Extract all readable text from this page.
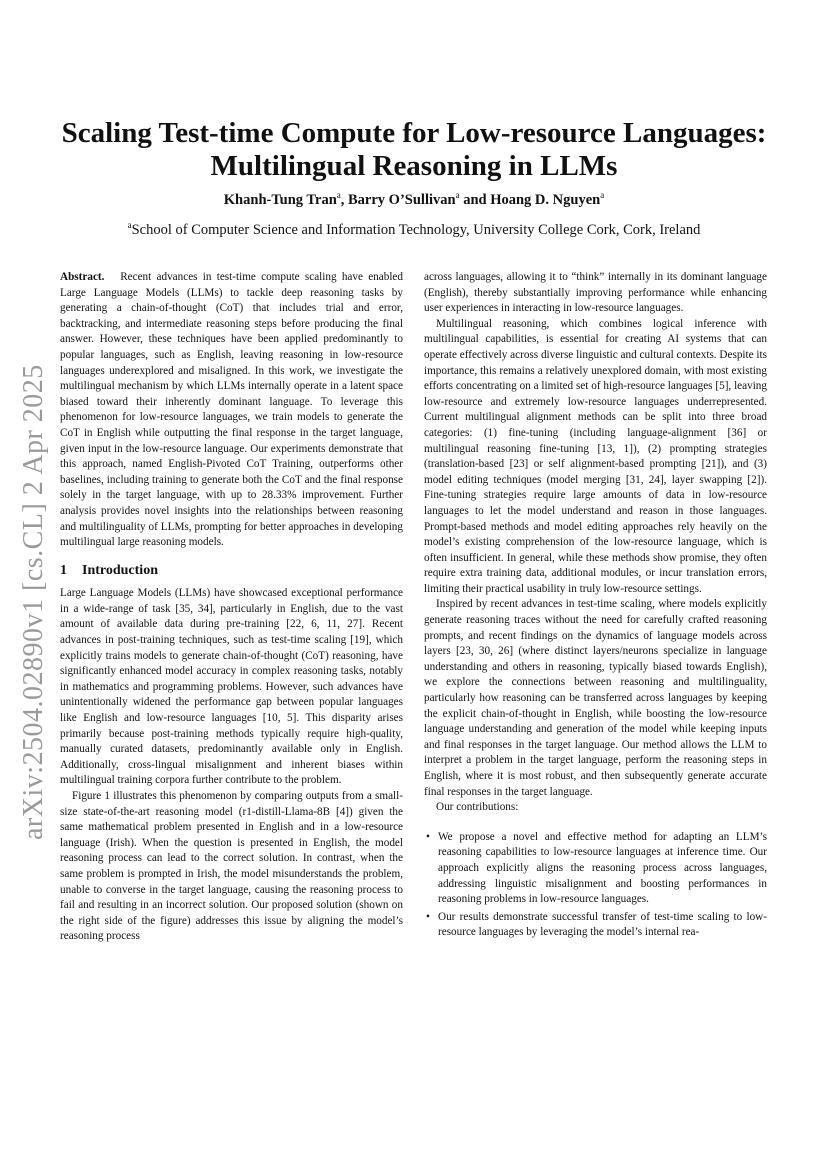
arXiv:2504.02890v1 [cs.CL] 2 Apr 2025
Scaling Test-time Compute for Low-resource Languages:
Multilingual Reasoning in LLMs
Khanh-Tung Tran$^a$, Barry O’Sullivan$^a$ and Hoang D. Nguyen$^a$
$^a$School of Computer Science and Information Technology, University College Cork, Cork, Ireland

Abstract. Recent advances in test-time compute scaling have enabled Large Language Models (LLMs) to tackle deep reasoning tasks by generating a chain-of-thought (CoT) that includes trial and error, backtracking, and intermediate reasoning steps before producing the final answer. However, these techniques have been applied predominantly to popular languages, such as English, leaving reasoning in low-resource languages underexplored and misaligned. In this work, we investigate the multilingual mechanism by which LLMs internally operate in a latent space biased toward their inherently dominant language. To leverage this phenomenon for low-resource languages, we train models to generate the CoT in English while outputting the final response in the target language, given input in the low-resource language. Our experiments demonstrate that this approach, named English-Pivoted CoT Training, outperforms other baselines, including training to generate both the CoT and the final response solely in the target language, with up to 28.33% improvement. Further analysis provides novel insights into the relationships between reasoning and multilinguality of LLMs, prompting for better approaches in developing multilingual large reasoning models.

1 Introduction

Large Language Models (LLMs) have showcased exceptional performance in a wide-range of task [35, 34], particularly in English, due to the vast amount of available data during pre-training [22, 6, 11, 27]. Recent advances in post-training techniques, such as test-time scaling [19], which explicitly trains models to generate chain-of-thought (CoT) reasoning, have significantly enhanced model accuracy in complex reasoning tasks, notably in mathematics and programming problems. However, such advances have unintentionally widened the performance gap between popular languages like English and low-resource languages [10, 5]. This disparity arises primarily because post-training methods typically require high-quality, manually curated datasets, predominantly available only in English. Additionally, cross-lingual misalignment and inherent biases within multilingual training corpora further contribute to the problem.

Figure 1 illustrates this phenomenon by comparing outputs from a small-size state-of-the-art reasoning model (r1-distill-Llama-8B [4]) given the same mathematical problem presented in English and in a low-resource language (Irish). When the question is presented in English, the model reasoning process can lead to the correct solution. In contrast, when the same problem is prompted in Irish, the model misunderstands the problem, unable to converse in the target language, causing the reasoning process to fail and resulting in an incorrect solution. Our proposed solution (shown on the right side of the figure) addresses this issue by aligning the model’s reasoning process

across languages, allowing it to “think” internally in its dominant language (English), thereby substantially improving performance while enhancing user experiences in interacting in low-resource languages.

Multilingual reasoning, which combines logical inference with multilingual capabilities, is essential for creating AI systems that can operate effectively across diverse linguistic and cultural contexts. Despite its importance, this remains a relatively unexplored domain, with most existing efforts concentrating on a limited set of high-resource languages [5], leaving low-resource and extremely low-resource languages underrepresented. Current multilingual alignment methods can be split into three broad categories: (1) fine-tuning (including language-alignment [36] or multilingual reasoning fine-tuning [13, 1]), (2) prompting strategies (translation-based [23] or self alignment-based prompting [21]), and (3) model editing techniques (model merging [31, 24], layer swapping [2]). Fine-tuning strategies require large amounts of data in low-resource languages to let the model understand and reason in those languages. Prompt-based methods and model editing approaches rely heavily on the model’s existing comprehension of the low-resource language, which is often insufficient. In general, while these methods show promise, they often require extra training data, additional modules, or incur translation errors, limiting their practical usability in truly low-resource settings.

Inspired by recent advances in test-time scaling, where models explicitly generate reasoning traces without the need for carefully crafted reasoning prompts, and recent findings on the dynamics of language models across layers [23, 30, 26] (where distinct layers/neurons specialize in language understanding and others in reasoning, typically biased towards English), we explore the connections between reasoning and multilinguality, particularly how reasoning can be transferred across languages by keeping the explicit chain-of-thought in English, while boosting the low-resource language understanding and generation of the model while keeping inputs and final responses in the target language. Our method allows the LLM to interpret a problem in the target language, perform the reasoning steps in English, where it is most robust, and then subsequently generate accurate final responses in the target language.

Our contributions:

• We propose a novel and effective method for adapting an LLM’s reasoning capabilities to low-resource languages at inference time. Our approach explicitly aligns the reasoning process across languages, addressing linguistic misalignment and boosting performances in reasoning problems in low-resource languages.
• Our results demonstrate successful transfer of test-time scaling to low-resource languages by leveraging the model’s internal rea-
